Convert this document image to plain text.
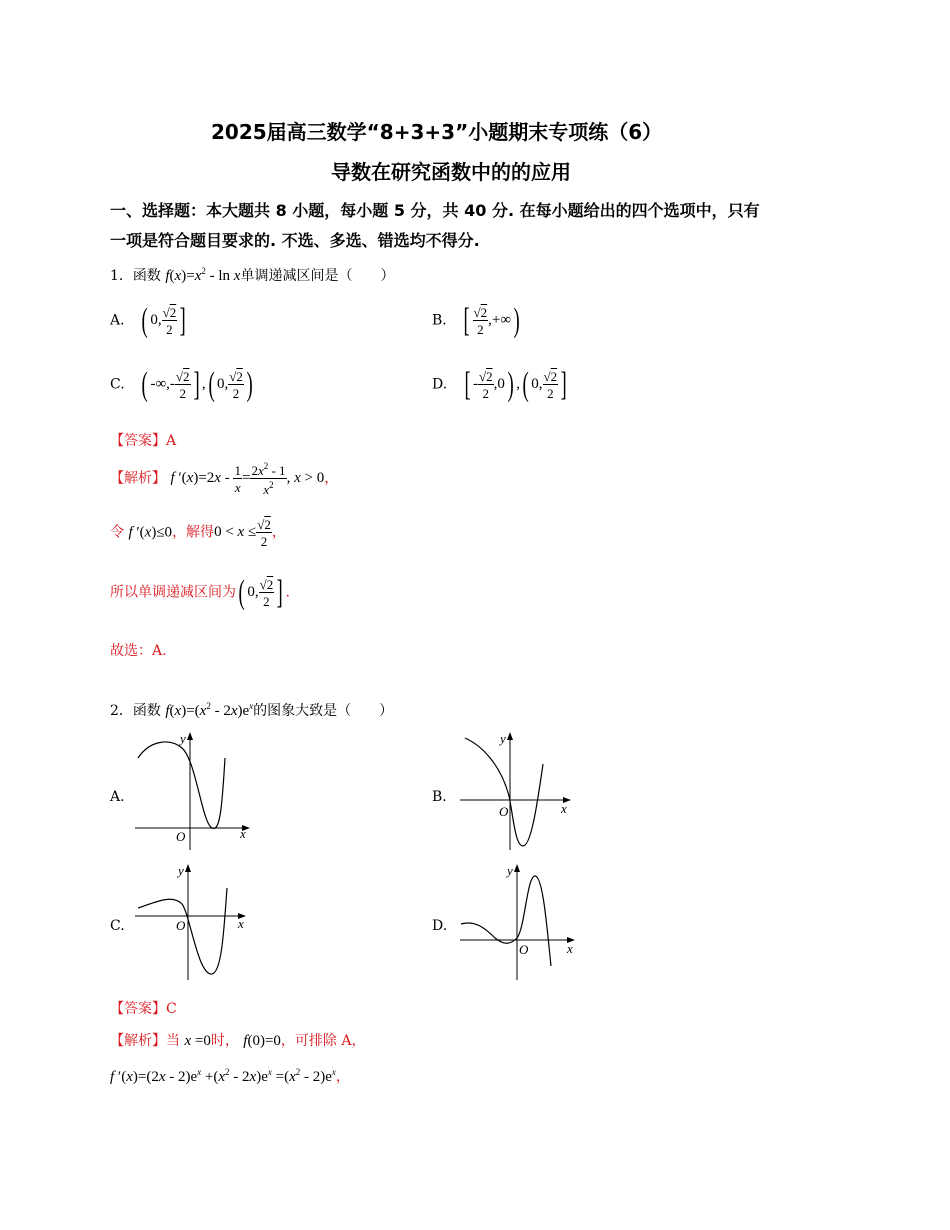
2025届高三数学“8+3+3”小题期末专项练（6）
导数在研究函数中的的应用
一、选择题：本大题共 8 小题，每小题 5 分，共 40 分. 在每小题给出的四个选项中，只有
一项是符合题目要求的. 不选、多选、错选均不得分.
1．函数 $f(x)=x^2 - \ln x$单调递减区间是（　　）
A. ( 0, $\frac{√2}{2}$ ]	B. [ $\frac{√2}{2}$ ,+∞)
C. ( -∞,- $\frac{√2}{2}$ ] ,( 0, $\frac{√2}{2}$ )	D. [ - $\frac{√2}{2} ,0$) ,( 0, $\frac{√2}{2}$ ]
【答案】A
【解析】 f $'(x)=2x - \frac{1}{x} = \frac{2x^2 - 1}{x^2}$ , x > 0，
令 f ′(x)≤0，解得$0 < x \le \frac{√2}{2}$ ，
所以单调递减区间为( 0, $\frac{√2}{2}$ ] .
故选：A.
2．函数 $f(x)=(x^2 - 2x)e^x$的图象大致是（　　）
A.
x
y
O
B.
x
y
O
C.	x
y
O	D.
x
y
O
【答案】C
【解析】当 x =0时， f(0)=0，可排除 A，
f $'(x)=(2x - 2)e^x +(x^2 - 2x)e^x =(x^2 - 2)e^x$，
